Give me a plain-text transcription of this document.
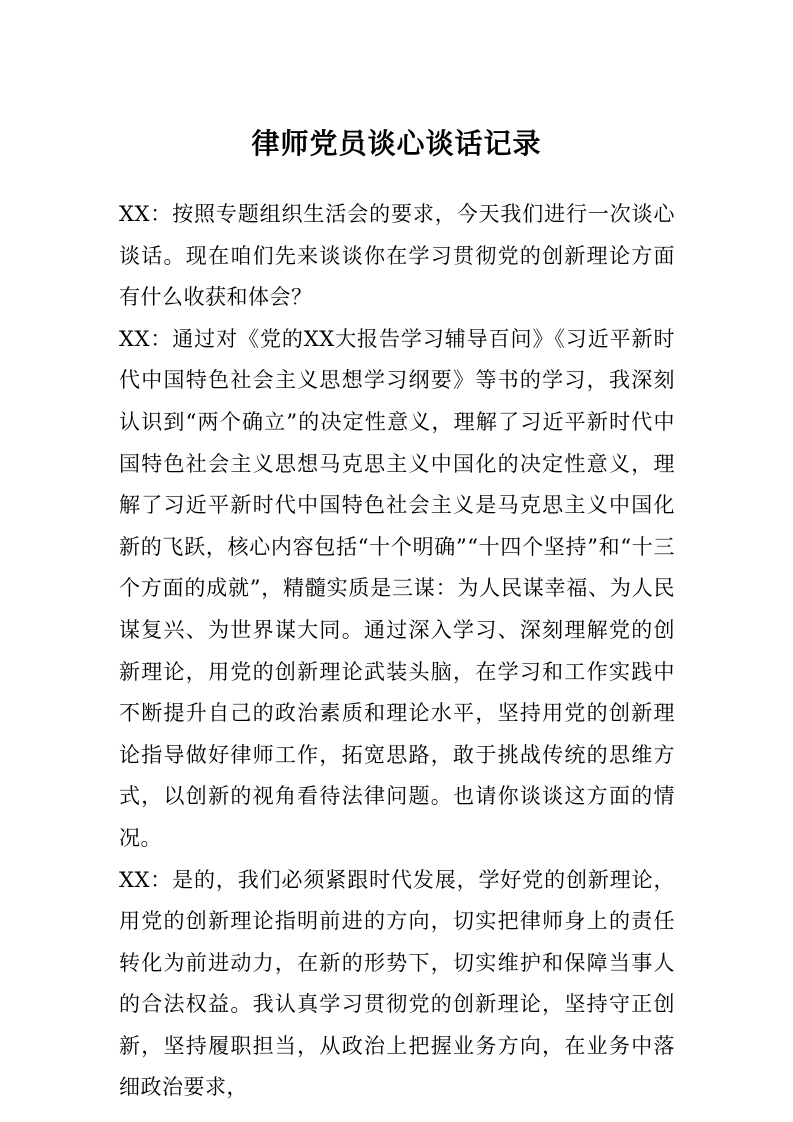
律师党员谈心谈话记录

XX：按照专题组织生活会的要求，今天我们进行一次谈心谈话。现在咱们先来谈谈你在学习贯彻党的创新理论方面有什么收获和体会？

XX：通过对《党的XX大报告学习辅导百问》《习近平新时代中国特色社会主义思想学习纲要》等书的学习，我深刻认识到“两个确立”的决定性意义，理解了习近平新时代中国特色社会主义思想马克思主义中国化的决定性意义，理解了习近平新时代中国特色社会主义是马克思主义中国化新的飞跃，核心内容包括“十个明确”“十四个坚持”和“十三个方面的成就”，精髓实质是三谋：为人民谋幸福、为人民谋复兴、为世界谋大同。通过深入学习、深刻理解党的创新理论，用党的创新理论武装头脑，在学习和工作实践中不断提升自己的政治素质和理论水平，坚持用党的创新理论指导做好律师工作，拓宽思路，敢于挑战传统的思维方式，以创新的视角看待法律问题。也请你谈谈这方面的情况。

XX：是的，我们必须紧跟时代发展，学好党的创新理论，用党的创新理论指明前进的方向，切实把律师身上的责任转化为前进动力，在新的形势下，切实维护和保障当事人的合法权益。我认真学习贯彻党的创新理论，坚持守正创新，坚持履职担当，从政治上把握业务方向，在业务中落细政治要求，
